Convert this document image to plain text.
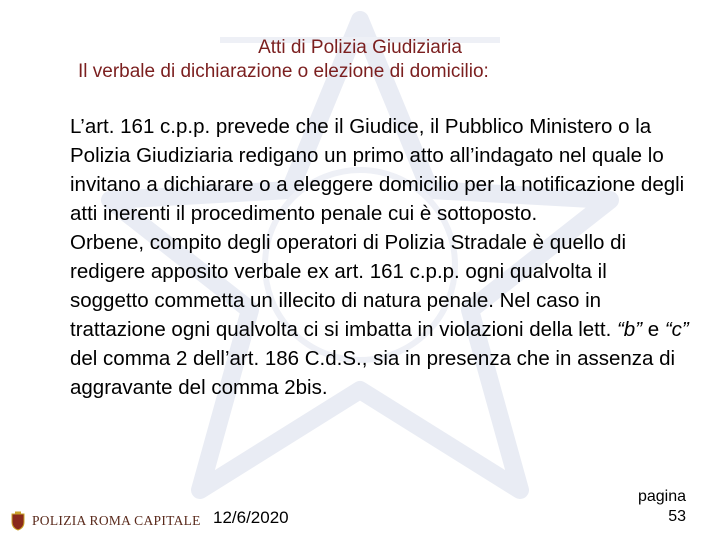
Atti di Polizia Giudiziaria
Il verbale di dichiarazione o elezione di domicilio:

L’art. 161 c.p.p. prevede che il Giudice, il Pubblico Ministero o la Polizia Giudiziaria redigano un primo atto all’indagato nel quale lo invitano a dichiarare o a eleggere domicilio per la notificazione degli atti inerenti il procedimento penale cui è sottoposto.

Orbene, compito degli operatori di Polizia Stradale è quello di redigere apposito verbale ex art. 161 c.p.p. ogni qualvolta il soggetto commetta un illecito di natura penale. Nel caso in trattazione ogni qualvolta ci si imbatta in violazioni della lett. “b” e “c” del comma 2 dell’art. 186 C.d.S., sia in presenza che in assenza di aggravante del comma 2bis.

POLIZIA ROMA CAPITALE 12/6/2020
pagina
53
